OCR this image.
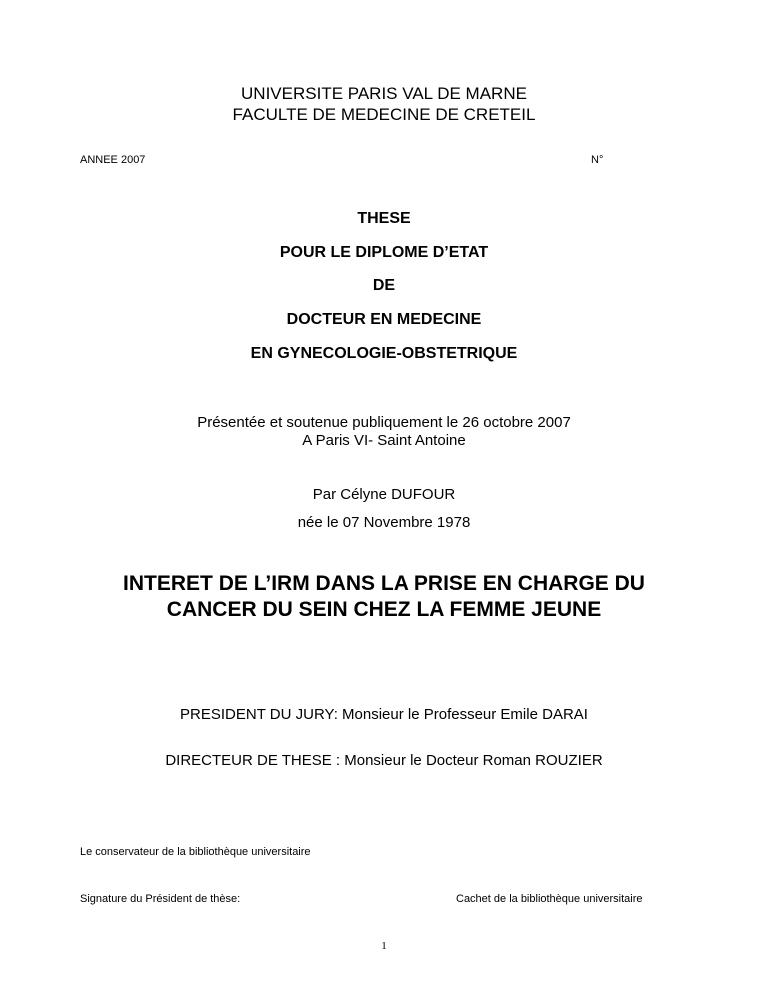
UNIVERSITE PARIS VAL DE MARNE
FACULTE DE MEDECINE DE CRETEIL
ANNEE 2007	N°
THESE
POUR LE DIPLOME D’ETAT
DE
DOCTEUR EN MEDECINE
EN GYNECOLOGIE-OBSTETRIQUE
Présentée et soutenue publiquement le 26 octobre 2007
A Paris VI- Saint Antoine
Par Célyne DUFOUR
née le 07 Novembre 1978
INTERET DE L’IRM DANS LA PRISE EN CHARGE DU
CANCER DU SEIN CHEZ LA FEMME JEUNE
PRESIDENT DU JURY: Monsieur le Professeur Emile DARAI
DIRECTEUR DE THESE : Monsieur le Docteur Roman ROUZIER
Le conservateur de la bibliothèque universitaire
Signature du Président de thèse:	Cachet de la bibliothèque universitaire
1
